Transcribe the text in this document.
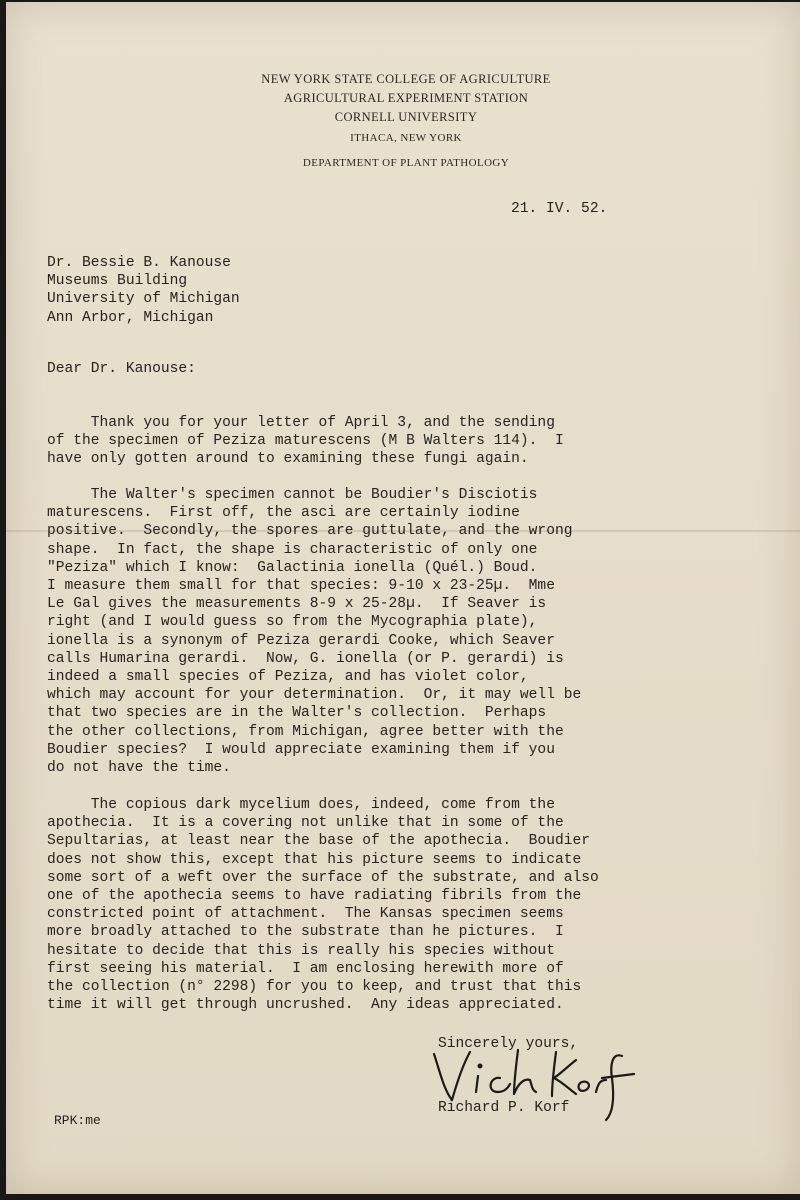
NEW YORK STATE COLLEGE OF AGRICULTURE
AGRICULTURAL EXPERIMENT STATION
CORNELL UNIVERSITY
ITHACA, NEW YORK
DEPARTMENT OF PLANT PATHOLOGY
21. IV. 52.
Dr. Bessie B. Kanouse
Museums Building
University of Michigan
Ann Arbor, Michigan
Dear Dr. Kanouse:
Thank you for your letter of April 3, and the sending
of the specimen of Peziza maturescens (M B Walters 114).  I
have only gotten around to examining these fungi again.
The Walter's specimen cannot be Boudier's Disciotis
maturescens.  First off, the asci are certainly iodine
positive.  Secondly, the spores are guttulate, and the wrong
shape.  In fact, the shape is characteristic of only one
"Peziza" which I know:  Galactinia ionella (Quél.) Boud.
I measure them small for that species: 9-10 x 23-25µ.  Mme
Le Gal gives the measurements 8-9 x 25-28µ.  If Seaver is
right (and I would guess so from the Mycographia plate),
ionella is a synonym of Peziza gerardi Cooke, which Seaver
calls Humarina gerardi.  Now, G. ionella (or P. gerardi) is
indeed a small species of Peziza, and has violet color,
which may account for your determination.  Or, it may well be
that two species are in the Walter's collection.  Perhaps
the other collections, from Michigan, agree better with the
Boudier species?  I would appreciate examining them if you
do not have the time.
The copious dark mycelium does, indeed, come from the
apothecia.  It is a covering not unlike that in some of the
Sepultarias, at least near the base of the apothecia.  Boudier
does not show this, except that his picture seems to indicate
some sort of a weft over the surface of the substrate, and also
one of the apothecia seems to have radiating fibrils from the
constricted point of attachment.  The Kansas specimen seems
more broadly attached to the substrate than he pictures.  I
hesitate to decide that this is really his species without
first seeing his material.  I am enclosing herewith more of
the collection (n° 2298) for you to keep, and trust that this
time it will get through uncrushed.  Any ideas appreciated.
Sincerely yours,
Richard P. Korf
RPK:me
